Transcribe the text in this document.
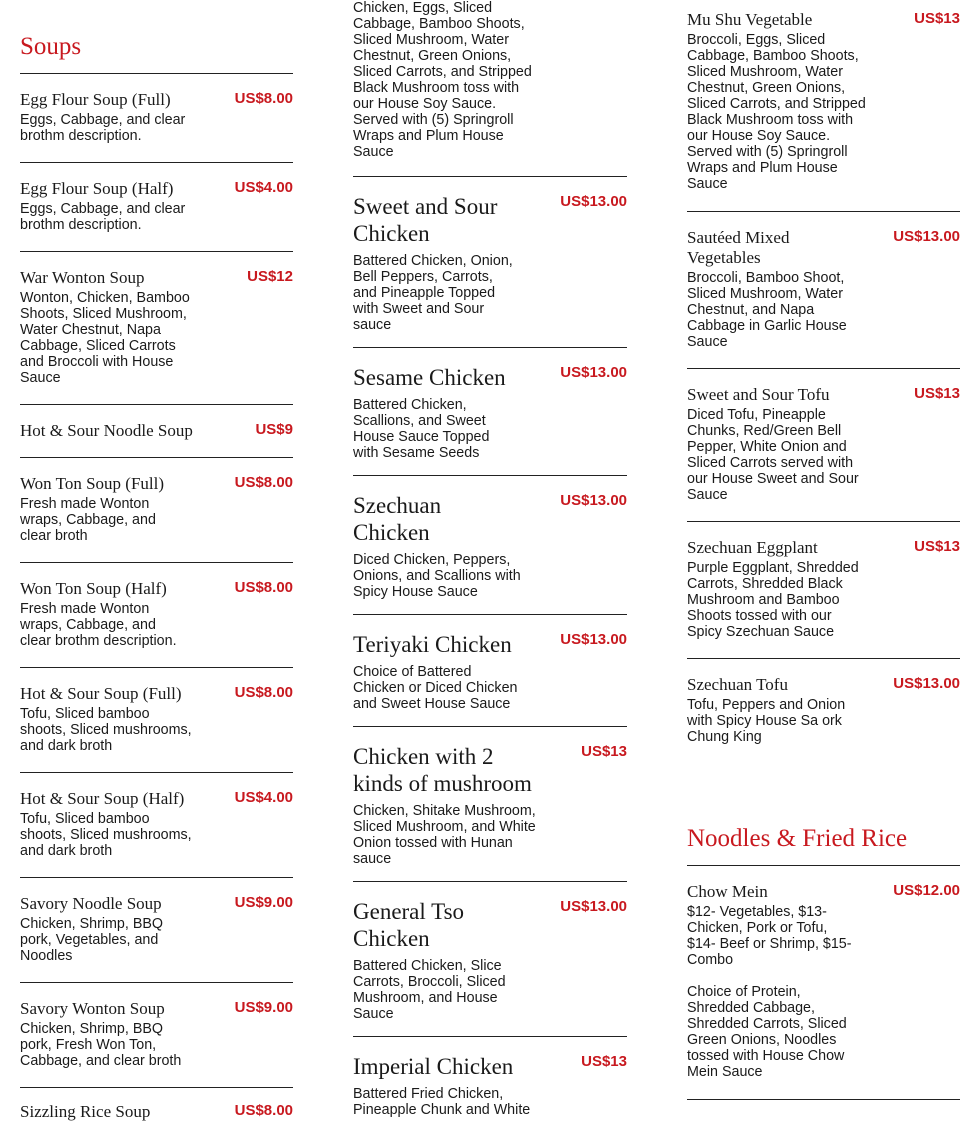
Soups
Egg Flour Soup (Full)	US$8.00
Eggs, Cabbage, and clear
brothm description.
Egg Flour Soup (Half)	US$4.00
Eggs, Cabbage, and clear
brothm description.
War Wonton Soup	US$12
Wonton, Chicken, Bamboo
Shoots, Sliced Mushroom,
Water Chestnut, Napa
Cabbage, Sliced Carrots
and Broccoli with House
Sauce
Hot & Sour Noodle Soup	US$9
Won Ton Soup (Full)	US$8.00
Fresh made Wonton
wraps, Cabbage, and
clear broth
Won Ton Soup (Half)	US$8.00
Fresh made Wonton
wraps, Cabbage, and
clear brothm description.
Hot & Sour Soup (Full)	US$8.00
Tofu, Sliced bamboo
shoots, Sliced mushrooms,
and dark broth
Hot & Sour Soup (Half)	US$4.00
Tofu, Sliced bamboo
shoots, Sliced mushrooms,
and dark broth
Savory Noodle Soup	US$9.00
Chicken, Shrimp, BBQ
pork, Vegetables, and
Noodles
Savory Wonton Soup	US$9.00
Chicken, Shrimp, BBQ
pork, Fresh Won Ton,
Cabbage, and clear broth
Sizzling Rice Soup	US$8.00
Chicken, Eggs, Sliced
Cabbage, Bamboo Shoots,
Sliced Mushroom, Water
Chestnut, Green Onions,
Sliced Carrots, and Stripped
Black Mushroom toss with
our House Soy Sauce.
Served with (5) Springroll
Wraps and Plum House
Sauce
Sweet and Sour
Chicken
US$13.00
Battered Chicken, Onion,
Bell Peppers, Carrots,
and Pineapple Topped
with Sweet and Sour
sauce
Sesame Chicken	US$13.00
Battered Chicken,
Scallions, and Sweet
House Sauce Topped
with Sesame Seeds
Szechuan
Chicken
US$13.00
Diced Chicken, Peppers,
Onions, and Scallions with
Spicy House Sauce
Teriyaki Chicken	US$13.00
Choice of Battered
Chicken or Diced Chicken
and Sweet House Sauce
Chicken with 2
kinds of mushroom
US$13
Chicken, Shitake Mushroom,
Sliced Mushroom, and White
Onion tossed with Hunan
sauce
General Tso
Chicken
US$13.00
Battered Chicken, Slice
Carrots, Broccoli, Sliced
Mushroom, and House
Sauce
Imperial Chicken	US$13
Battered Fried Chicken,
Pineapple Chunk and White
Mu Shu Vegetable	US$13
Broccoli, Eggs, Sliced
Cabbage, Bamboo Shoots,
Sliced Mushroom, Water
Chestnut, Green Onions,
Sliced Carrots, and Stripped
Black Mushroom toss with
our House Soy Sauce.
Served with (5) Springroll
Wraps and Plum House
Sauce
Sautéed Mixed
Vegetables
US$13.00
Broccoli, Bamboo Shoot,
Sliced Mushroom, Water
Chestnut, and Napa
Cabbage in Garlic House
Sauce
Sweet and Sour Tofu	US$13
Diced Tofu, Pineapple
Chunks, Red/Green Bell
Pepper, White Onion and
Sliced Carrots served with
our House Sweet and Sour
Sauce
Szechuan Eggplant	US$13
Purple Eggplant, Shredded
Carrots, Shredded Black
Mushroom and Bamboo
Shoots tossed with our
Spicy Szechuan Sauce
Szechuan Tofu	US$13.00
Tofu, Peppers and Onion
with Spicy House Sa ork
Chung King
Noodles & Fried Rice
Chow Mein	US$12.00
$12- Vegetables, $13-
Chicken, Pork or Tofu,
$14- Beef or Shrimp, $15-
Combo

Choice of Protein,
Shredded Cabbage,
Shredded Carrots, Sliced
Green Onions, Noodles
tossed with House Chow
Mein Sauce
